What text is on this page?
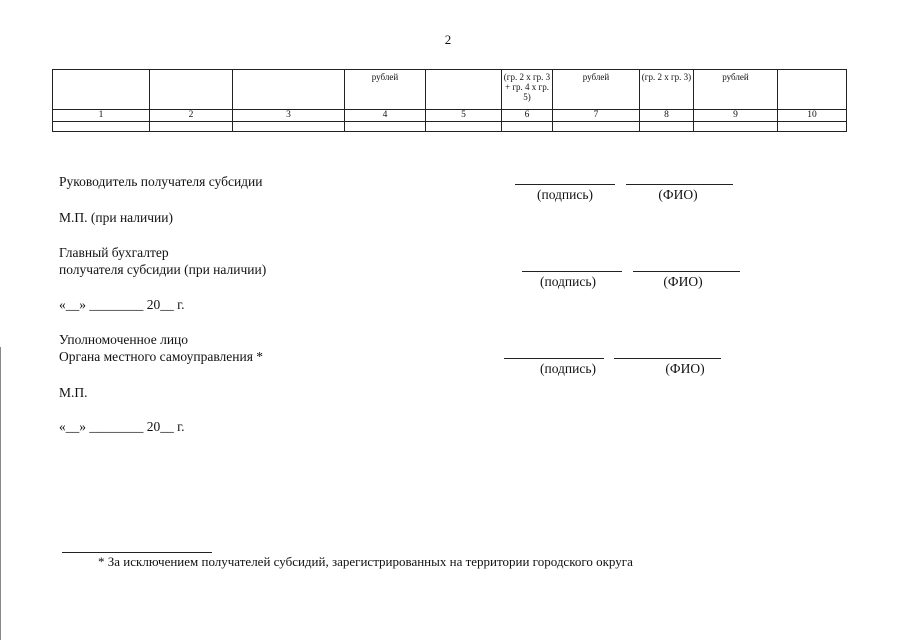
2
			рублей		(гр. 2 х гр. 3 + гр. 4 х гр. 5)	рублей	(гр. 2 х гр. 3)	рублей	
1	2	3	4	5	6	7	8	9	10

Руководитель получателя субсидии
(подпись)	(ФИО)
М.П. (при наличии)
Главный бухгалтер
получателя субсидии (при наличии)
(подпись)	(ФИО)
«__» ________ 20__ г.
Уполномоченное лицо
Органа местного самоуправления *
(подпись)	(ФИО)
М.П.
«__» ________ 20__ г.
* За исключением получателей субсидий, зарегистрированных на территории городского округа
